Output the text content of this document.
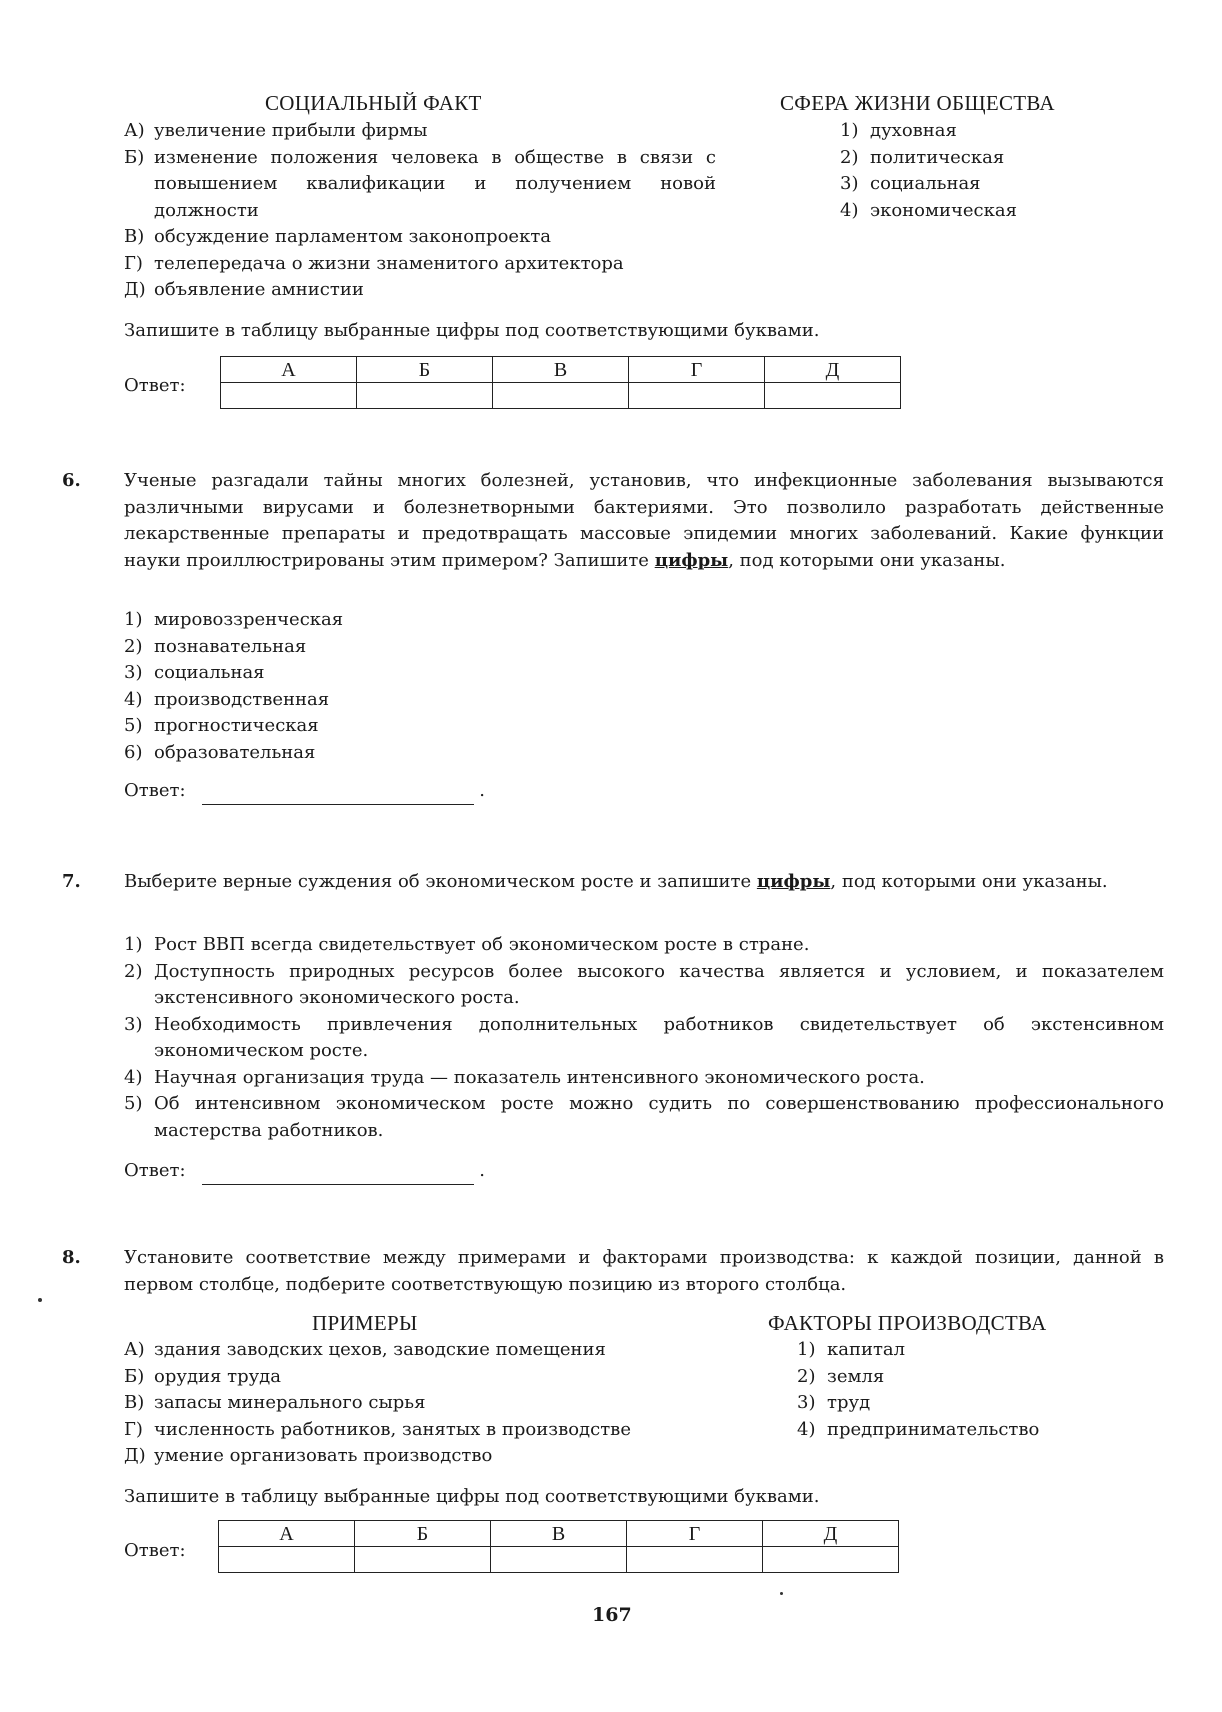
СОЦИАЛЬНЫЙ ФАКТ	СФЕРА ЖИЗНИ ОБЩЕСТВА
А) увеличение прибыли фирмы
Б) изменение положения человека в обществе в связи с повышением квалификации и получением новой должности
В) обсуждение парламентом законопроекта
Г) телепередача о жизни знаменитого архитектора
Д) объявление амнистии
1) духовная
2) политическая
3) социальная
4) экономическая
Запишите в таблицу выбранные цифры под соответствующими буквами.
Ответ:
А	Б	В	Г	Д

6. Ученые разгадали тайны многих болезней, установив, что инфекционные заболевания вызываются различными вирусами и болезнетворными бактериями. Это позволило разработать действенные лекарственные препараты и предотвращать массовые эпидемии многих заболеваний. Какие функции науки проиллюстрированы этим примером? Запишите цифры, под которыми они указаны.
1) мировоззренческая
2) познавательная
3) социальная
4) производственная
5) прогностическая
6) образовательная
Ответ:	.
7. Выберите верные суждения об экономическом росте и запишите цифры, под которыми они указаны.
1) Рост ВВП всегда свидетельствует об экономическом росте в стране.
2) Доступность природных ресурсов более высокого качества является и условием, и показателем экстенсивного экономического роста.
3) Необходимость привлечения дополнительных работников свидетельствует об экстенсивном экономическом росте.
4) Научная организация труда — показатель интенсивного экономического роста.
5) Об интенсивном экономическом росте можно судить по совершенствованию профессионального мастерства работников.
Ответ:	.
8. Установите соответствие между примерами и факторами производства: к каждой позиции, данной в первом столбце, подберите соответствующую позицию из второго столбца.
ПРИМЕРЫ	ФАКТОРЫ ПРОИЗВОДСТВА
А) здания заводских цехов, заводские помещения
Б) орудия труда
В) запасы минерального сырья
Г) численность работников, занятых в производстве
Д) умение организовать производство
1) капитал
2) земля
3) труд
4) предпринимательство
Запишите в таблицу выбранные цифры под соответствующими буквами.
Ответ:
А	Б	В	Г	Д

167
